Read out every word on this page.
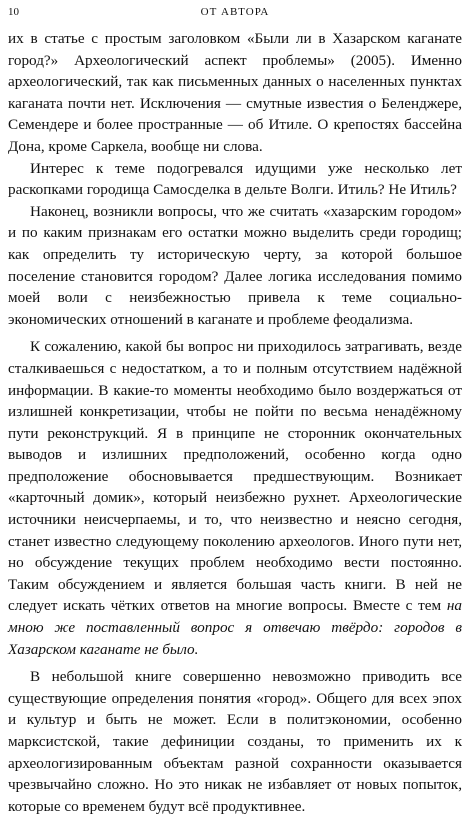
10	ОТ АВТОРА

их в статье с простым заголовком «Были ли в Хазарском каганате город?» Археологический аспект проблемы» (2005). Именно археологический, так как письменных данных о населенных пунктах каганата почти нет. Исключения — смутные известия о Беленджере, Семендере и более пространные — об Итиле. О крепостях бассейна Дона, кроме Саркела, вообще ни слова.

Интерес к теме подогревался идущими уже несколько лет раскопками городища Самосделка в дельте Волги. Итиль? Не Итиль?

Наконец, возникли вопросы, что же считать «хазарским городом» и по каким признакам его остатки можно выделить среди городищ; как определить ту историческую черту, за которой большое поселение становится городом? Далее логика исследования помимо моей воли с неизбежностью привела к теме социально-экономических отношений в каганате и проблеме феодализма.

К сожалению, какой бы вопрос ни приходилось затрагивать, везде сталкиваешься с недостатком, а то и полным отсутствием надёжной информации. В какие-то моменты необходимо было воздержаться от излишней конкретизации, чтобы не пойти по весьма ненадёжному пути реконструкций. Я в принципе не сторонник окончательных выводов и излишних предположений, особенно когда одно предположение обосновывается предшествующим. Возникает «карточный домик», который неизбежно рухнет. Археологические источники неисчерпаемы, и то, что неизвестно и неясно сегодня, станет известно следующему поколению археологов. Иного пути нет, но обсуждение текущих проблем необходимо вести постоянно. Таким обсуждением и является большая часть книги. В ней не следует искать чётких ответов на многие вопросы. Вместе с тем на мною же поставленный вопрос я отвечаю твёрдо: городов в Хазарском каганате не было.

В небольшой книге совершенно невозможно приводить все существующие определения понятия «город». Общего для всех эпох и культур и быть не может. Если в политэкономии, особенно марксистской, такие дефиниции созданы, то применить их к археологизированным объектам разной сохранности оказывается чрезвычайно сложно. Но это никак не избавляет от новых попыток, которые со временем будут всё продуктивнее.
